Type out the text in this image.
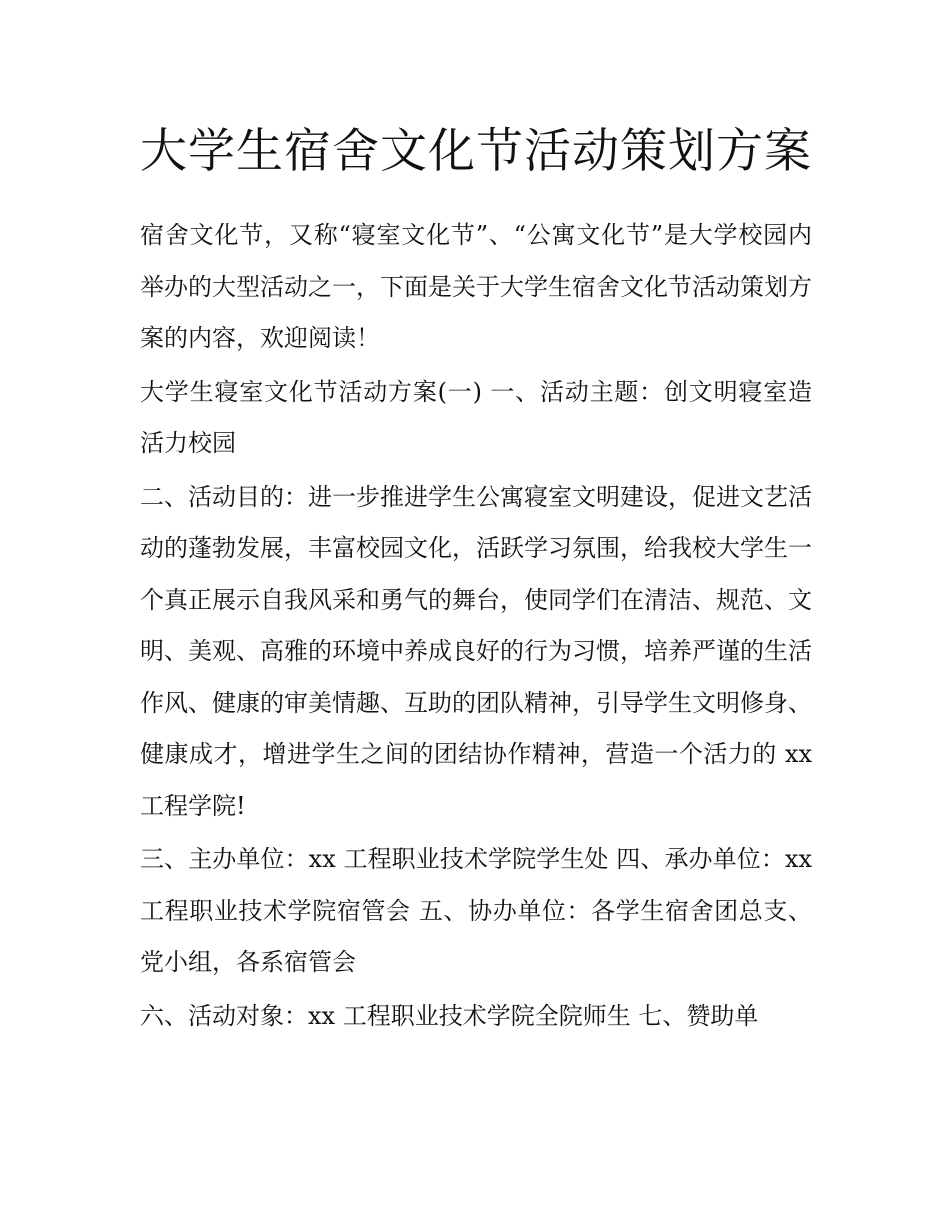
大学生宿舍文化节活动策划方案

宿舍文化节，又称“寝室文化节”、“公寓文化节”是大学校园内举办的大型活动之一，下面是关于大学生宿舍文化节活动策划方案的内容，欢迎阅读！

大学生寝室文化节活动方案(一) 一、活动主题：创文明寝室造活力校园

二、活动目的：进一步推进学生公寓寝室文明建设，促进文艺活动的蓬勃发展，丰富校园文化，活跃学习氛围，给我校大学生一个真正展示自我风采和勇气的舞台，使同学们在清洁、规范、文明、美观、高雅的环境中养成良好的行为习惯，培养严谨的生活作风、健康的审美情趣、互助的团队精神，引导学生文明修身、健康成才，增进学生之间的团结协作精神，营造一个活力的 xx 工程学院!

三、主办单位：xx 工程职业技术学院学生处 四、承办单位：xx 工程职业技术学院宿管会 五、协办单位：各学生宿舍团总支、党小组，各系宿管会

六、活动对象：xx 工程职业技术学院全院师生 七、赞助单
